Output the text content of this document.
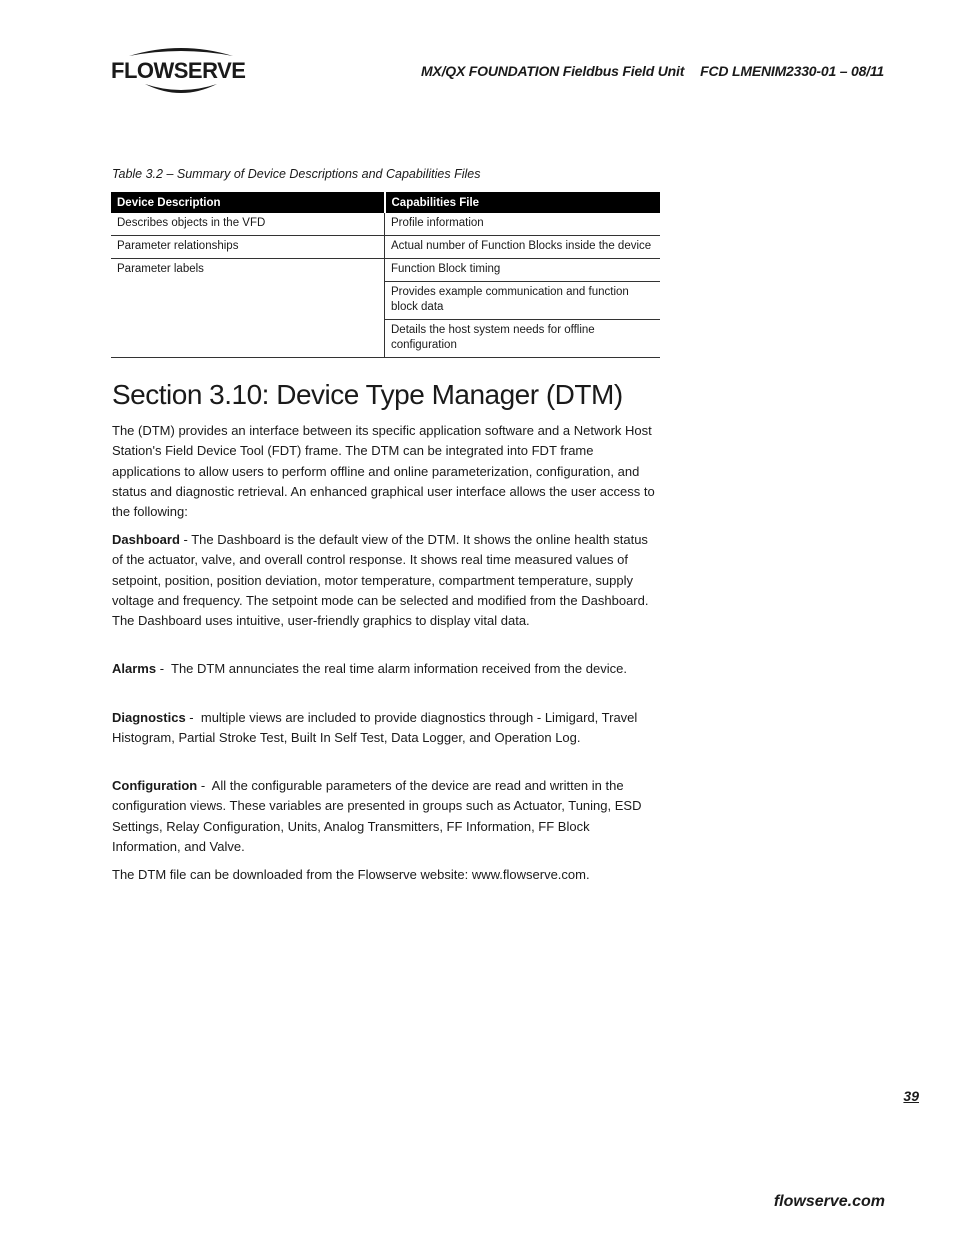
FLOWSERVE	MX/QX FOUNDATION Fieldbus Field Unit FCD LMENIM2330-01 – 08/11
Table 3.2 – Summary of Device Descriptions and Capabilities Files
Device Description	Capabilities File
Describes objects in the VFD	Profile information
Parameter relationships	Actual number of Function Blocks inside the device
Parameter labels	Function Block timing
	Provides example communication and function block data
	Details the host system needs for offline configuration
Section 3.10: Device Type Manager (DTM)
The (DTM) provides an interface between its specific application software and a Network Host Station's Field Device Tool (FDT) frame. The DTM can be integrated into FDT frame applications to allow users to perform offline and online parameterization, configuration, and status and diagnostic retrieval. An enhanced graphical user interface allows the user access to the following:
Dashboard - The Dashboard is the default view of the DTM. It shows the online health status of the actuator, valve, and overall control response. It shows real time measured values of setpoint, position, position deviation, motor temperature, compartment temperature, supply voltage and frequency. The setpoint mode can be selected and modified from the Dashboard. The Dashboard uses intuitive, user-friendly graphics to display vital data.
Alarms -  The DTM annunciates the real time alarm information received from the device.
Diagnostics -  multiple views are included to provide diagnostics through - Limigard, Travel Histogram, Partial Stroke Test, Built In Self Test, Data Logger, and Operation Log.
Configuration -  All the configurable parameters of the device are read and written in the configuration views. These variables are presented in groups such as Actuator, Tuning, ESD Settings, Relay Configuration, Units, Analog Transmitters, FF Information, FF Block Information, and Valve.
The DTM file can be downloaded from the Flowserve website: www.flowserve.com.
39
flowserve.com
